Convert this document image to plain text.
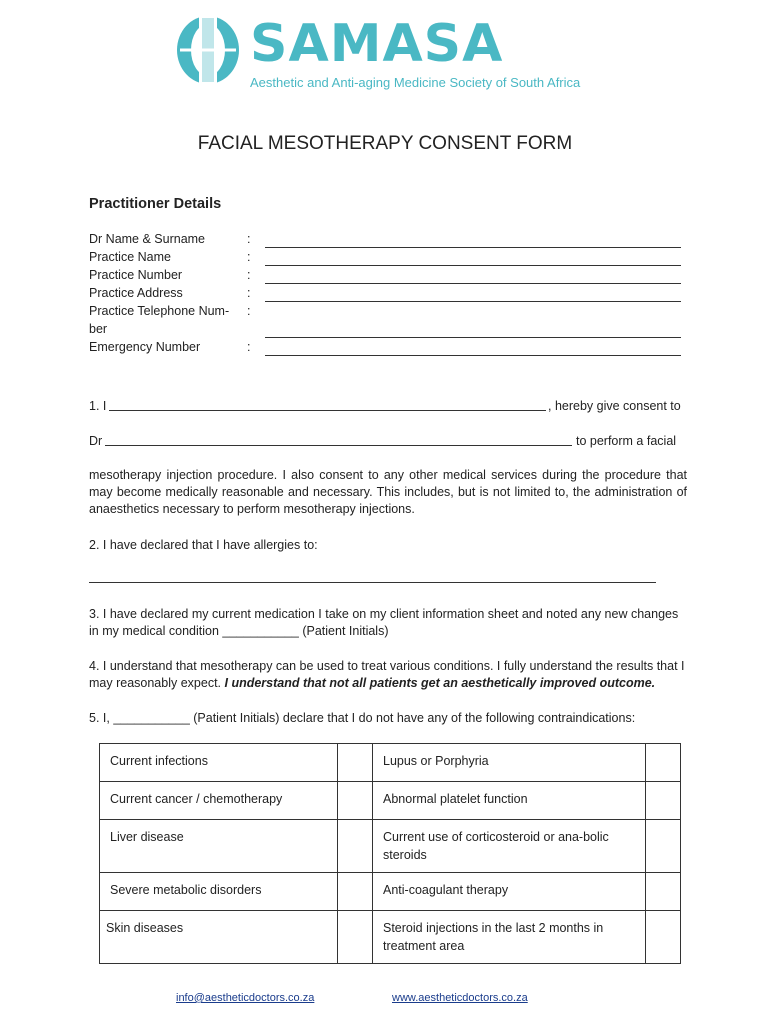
SAMASA
Aesthetic and Anti-aging Medicine Society of South Africa
FACIAL MESOTHERAPY CONSENT FORM
Practitioner Details
Dr Name & Surname	:
Practice Name	:
Practice Number	:
Practice Address	:
Practice Telephone Num- :
ber
Emergency Number	:
1. I	, hereby give consent to
Dr	to perform a facial
mesotherapy injection procedure. I also consent to any other medical services during the procedure that may become medically reasonable and necessary. This includes, but is not limited to, the administration of anaesthetics necessary to perform mesotherapy injections.
2. I have declared that I have allergies to:
3. I have declared my current medication I take on my client information sheet and noted any new changes in my medical condition ___________ (Patient Initials)
4. I understand that mesotherapy can be used to treat various conditions. I fully understand the results that I may reasonably expect. I understand that not all patients get an aesthetically improved outcome.
5. I, ___________ (Patient Initials) declare that I do not have any of the following contraindications:
Current infections		Lupus or Porphyria	
Current cancer / chemotherapy		Abnormal platelet function	
Liver disease		Current use of corticosteroid or ana-bolic steroids	
Severe metabolic disorders		Anti-coagulant therapy	
Skin diseases		Steroid injections in the last 2 months in treatment area	
info@aestheticdoctors.co.za	www.aestheticdoctors.co.za
